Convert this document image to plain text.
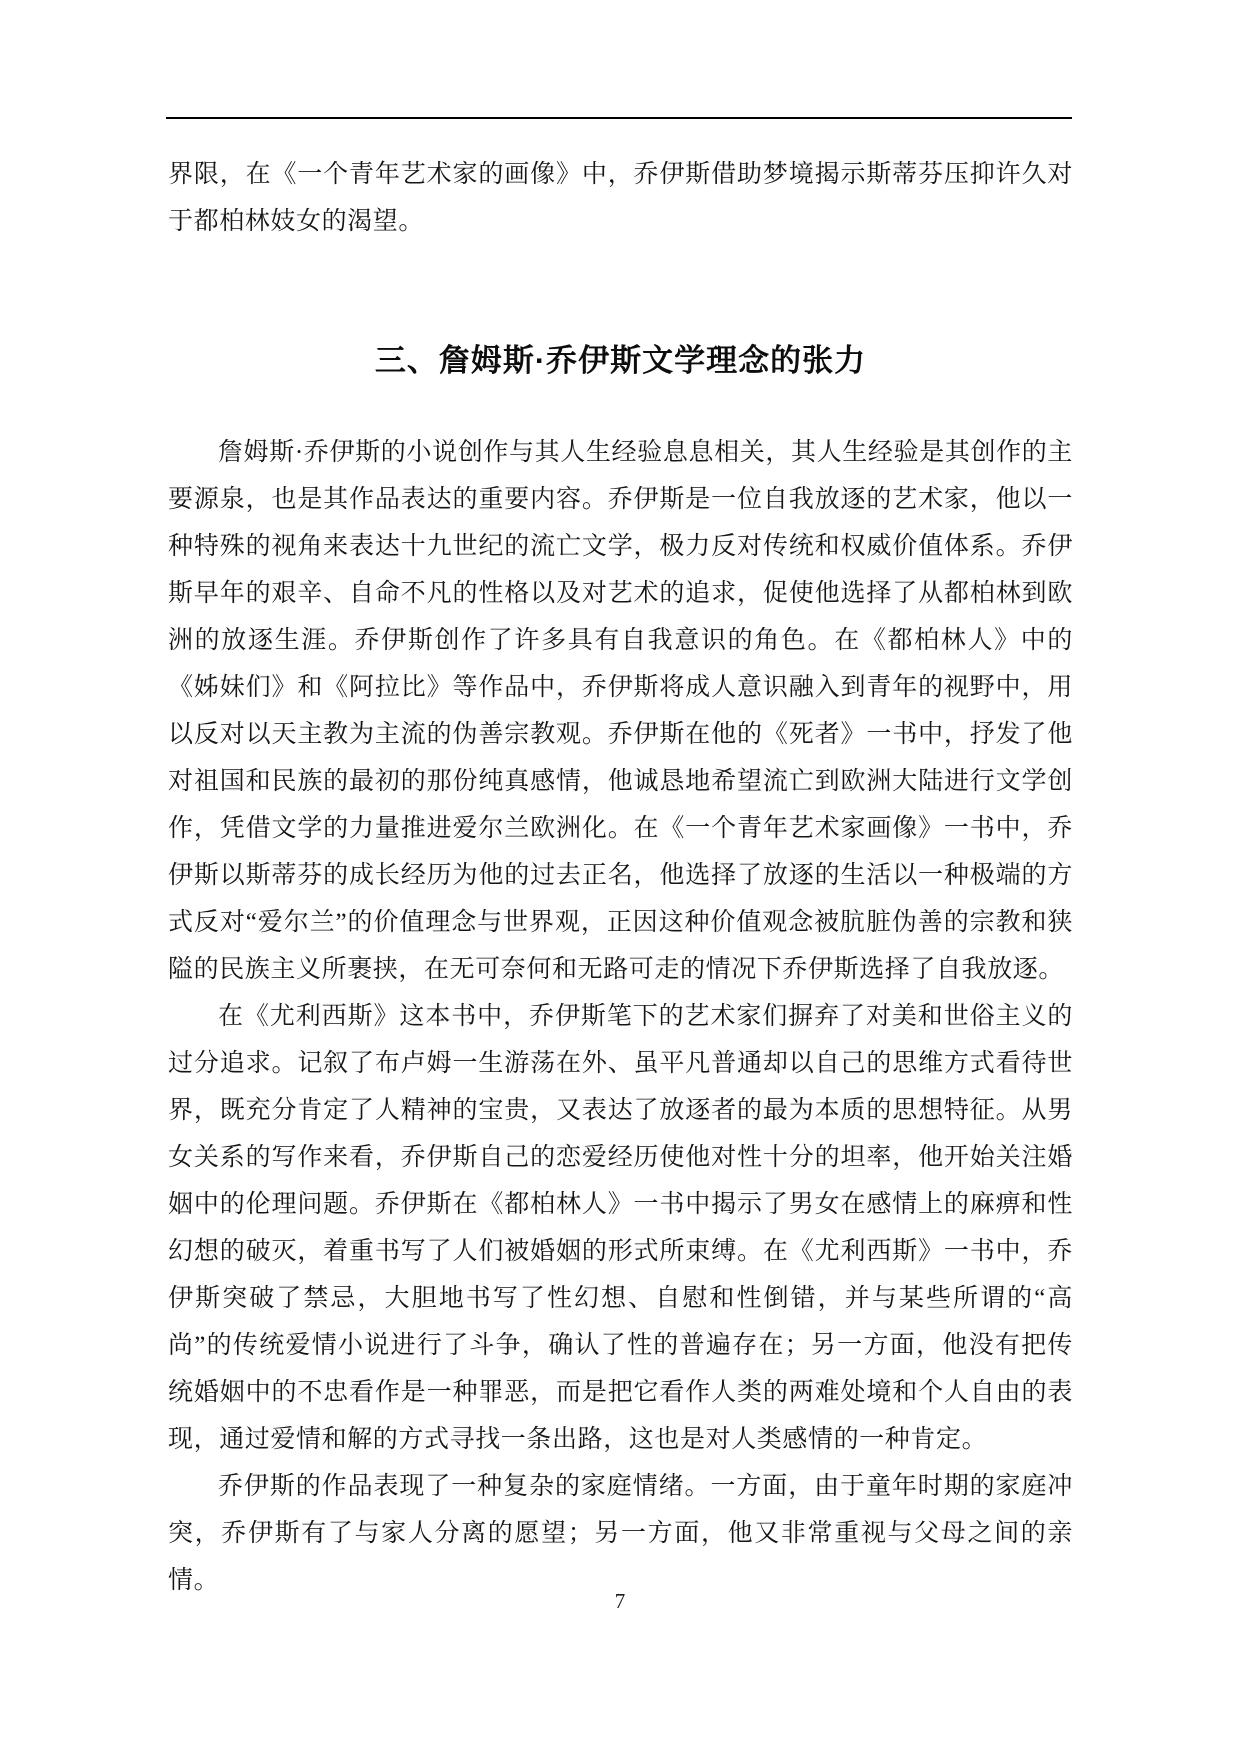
界限，在《一个青年艺术家的画像》中，乔伊斯借助梦境揭示斯蒂芬压抑许久对于都柏林妓女的渴望。

三、詹姆斯·乔伊斯文学理念的张力

詹姆斯·乔伊斯的小说创作与其人生经验息息相关，其人生经验是其创作的主要源泉，也是其作品表达的重要内容。乔伊斯是一位自我放逐的艺术家，他以一种特殊的视角来表达十九世纪的流亡文学，极力反对传统和权威价值体系。乔伊斯早年的艰辛、自命不凡的性格以及对艺术的追求，促使他选择了从都柏林到欧洲的放逐生涯。乔伊斯创作了许多具有自我意识的角色。在《都柏林人》中的《姊妹们》和《阿拉比》等作品中，乔伊斯将成人意识融入到青年的视野中，用以反对以天主教为主流的伪善宗教观。乔伊斯在他的《死者》一书中，抒发了他对祖国和民族的最初的那份纯真感情，他诚恳地希望流亡到欧洲大陆进行文学创作，凭借文学的力量推进爱尔兰欧洲化。在《一个青年艺术家画像》一书中，乔伊斯以斯蒂芬的成长经历为他的过去正名，他选择了放逐的生活以一种极端的方式反对“爱尔兰”的价值理念与世界观，正因这种价值观念被肮脏伪善的宗教和狭隘的民族主义所裹挟，在无可奈何和无路可走的情况下乔伊斯选择了自我放逐。

在《尤利西斯》这本书中，乔伊斯笔下的艺术家们摒弃了对美和世俗主义的过分追求。记叙了布卢姆一生游荡在外、虽平凡普通却以自己的思维方式看待世界，既充分肯定了人精神的宝贵，又表达了放逐者的最为本质的思想特征。从男女关系的写作来看，乔伊斯自己的恋爱经历使他对性十分的坦率，他开始关注婚姻中的伦理问题。乔伊斯在《都柏林人》一书中揭示了男女在感情上的麻痹和性幻想的破灭，着重书写了人们被婚姻的形式所束缚。在《尤利西斯》一书中，乔伊斯突破了禁忌，大胆地书写了性幻想、自慰和性倒错，并与某些所谓的“高尚”的传统爱情小说进行了斗争，确认了性的普遍存在；另一方面，他没有把传统婚姻中的不忠看作是一种罪恶，而是把它看作人类的两难处境和个人自由的表现，通过爱情和解的方式寻找一条出路，这也是对人类感情的一种肯定。

乔伊斯的作品表现了一种复杂的家庭情绪。一方面，由于童年时期的家庭冲突，乔伊斯有了与家人分离的愿望；另一方面，他又非常重视与父母之间的亲情。

7
